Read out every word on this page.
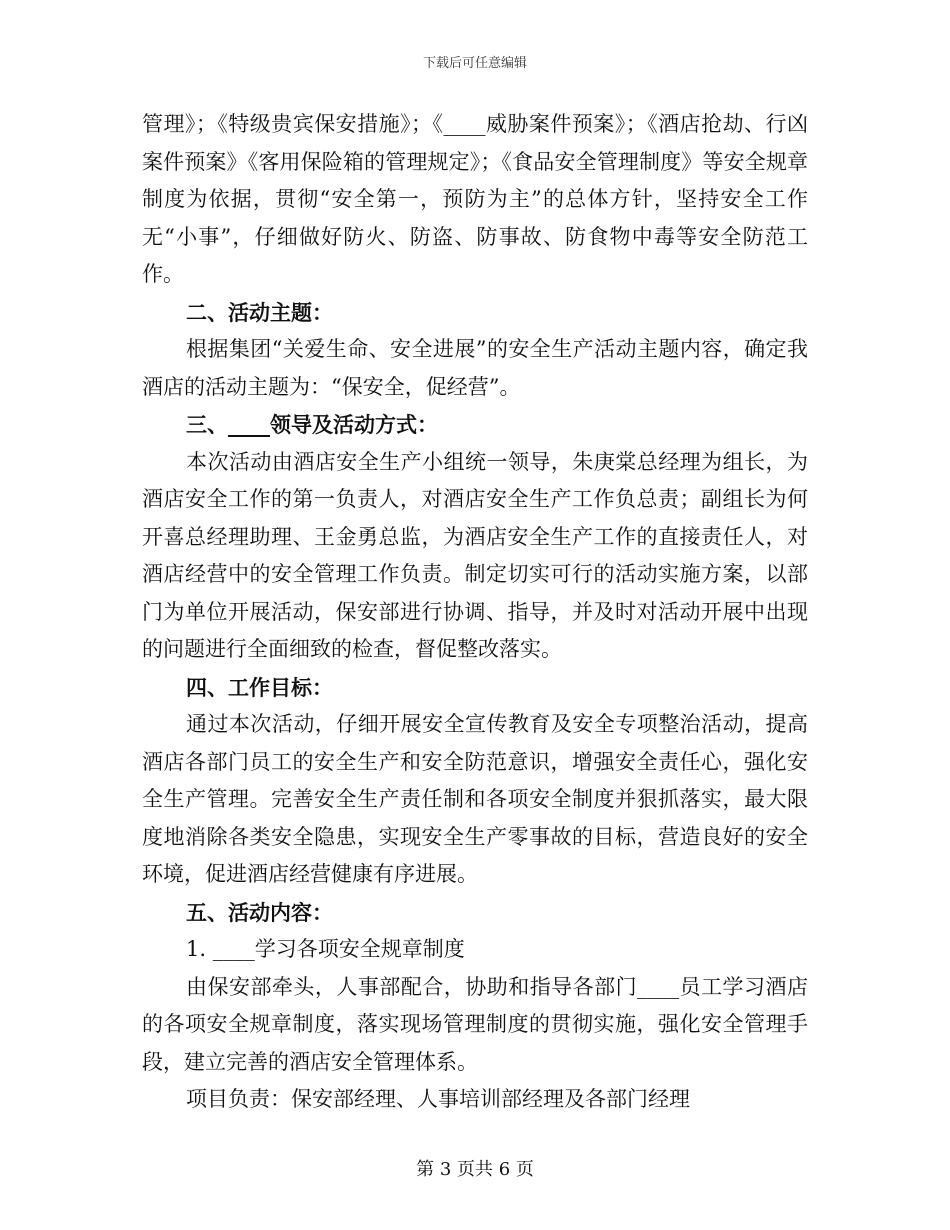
下载后可任意编辑

管理》；《特级贵宾保安措施》；《____威胁案件预案》；《酒店抢劫、行凶案件预案》《客用保险箱的管理规定》；《食品安全管理制度》等安全规章制度为依据，贯彻“安全第一，预防为主”的总体方针，坚持安全工作无“小事”，仔细做好防火、防盗、防事故、防食物中毒等安全防范工作。

二、活动主题：

根据集团“关爱生命、安全进展”的安全生产活动主题内容，确定我酒店的活动主题为：“保安全，促经营”。

三、____领导及活动方式：

本次活动由酒店安全生产小组统一领导，朱庚棠总经理为组长，为酒店安全工作的第一负责人，对酒店安全生产工作负总责；副组长为何开喜总经理助理、王金勇总监，为酒店安全生产工作的直接责任人，对酒店经营中的安全管理工作负责。制定切实可行的活动实施方案，以部门为单位开展活动，保安部进行协调、指导，并及时对活动开展中出现的问题进行全面细致的检查，督促整改落实。

四、工作目标：

通过本次活动，仔细开展安全宣传教育及安全专项整治活动，提高酒店各部门员工的安全生产和安全防范意识，增强安全责任心，强化安全生产管理。完善安全生产责任制和各项安全制度并狠抓落实，最大限度地消除各类安全隐患，实现安全生产零事故的目标，营造良好的安全环境，促进酒店经营健康有序进展。

五、活动内容：

1. ____学习各项安全规章制度

由保安部牵头，人事部配合，协助和指导各部门____员工学习酒店的各项安全规章制度，落实现场管理制度的贯彻实施，强化安全管理手段，建立完善的酒店安全管理体系。

项目负责：保安部经理、人事培训部经理及各部门经理

第 3 页共 6 页
